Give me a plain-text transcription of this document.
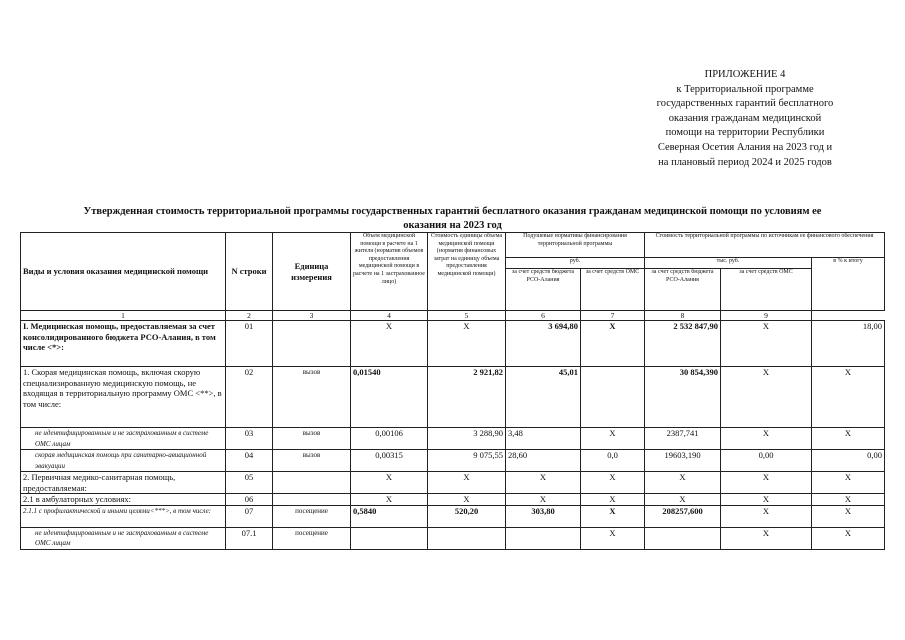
ПРИЛОЖЕНИЕ 4
к Территориальной программе
государственных гарантий бесплатного
оказания гражданам медицинской
помощи на территории Республики
Северная Осетия Алания на 2023 год и
на плановый период 2024 и 2025 годов
Утвержденная стоимость территориальной программы государственных гарантий бесплатного оказания гражданам медицинской помощи по условиям ее
оказания на 2023 год
Виды и условия оказания медицинской помощи	N строки	Единица измерения	Объем медицинской помощи в расчете на 1 жителя (норматив объемов предоставления медицинской помощи в расчете на 1 застрахованное лицо)	Стоимость единицы объема медицинской помощи (норматив финансовых затрат на единицу объема предоставления медицинской помощи)	Подушевые нормативы финансирования территориальной программы		Стоимость территориальной программы по источникам ее финансового обеспечения		
					руб.		тыс. руб.		в % к итогу
					за счет средств бюджета РСО-Алания	за счет средств ОМС	за счет средств бюджета РСО-Алания	за счет средств ОМС	
1	2	3	4	5	6	7	8	9	
I. Медицинская помощь, предоставляемая за счет консолидированного бюджета РСО-Алания, в том числе <*>:	01		X	X	3 694,80	X	2 532 847,90	X	18,00
1. Скорая медицинская помощь, включая скорую специализированную медицинскую помощь, не входящая в территориальную программу ОМС <**>, в том числе:	02	вызов	0,01540	2 921,82	45,01		30 854,390	X	X
не идентифицированным и не застрахованным в системе ОМС лицам	03	вызов	0,00106	3 288,90	3,48	X	2387,741	X	X
скорая медицинская помощь при санитарно-авиационной эвакуации	04	вызов	0,00315	9 075,55	28,60	0,0	19603,190	0,00	0,00
2. Первичная медико-санитарная помощь, предоставляемая:	05		X	X	X	X	X	X	X
2.1 в амбулаторных условиях:	06		X	X	X	X	X	X	X
2.1.1 с профилактической и иными целями<***>, в том числе:	07	посещение	0,5840	520,20	303,80	X	208257,600	X	X
не идентифицированным и не застрахованным в системе ОМС лицам	07.1	посещение				X		X	X
